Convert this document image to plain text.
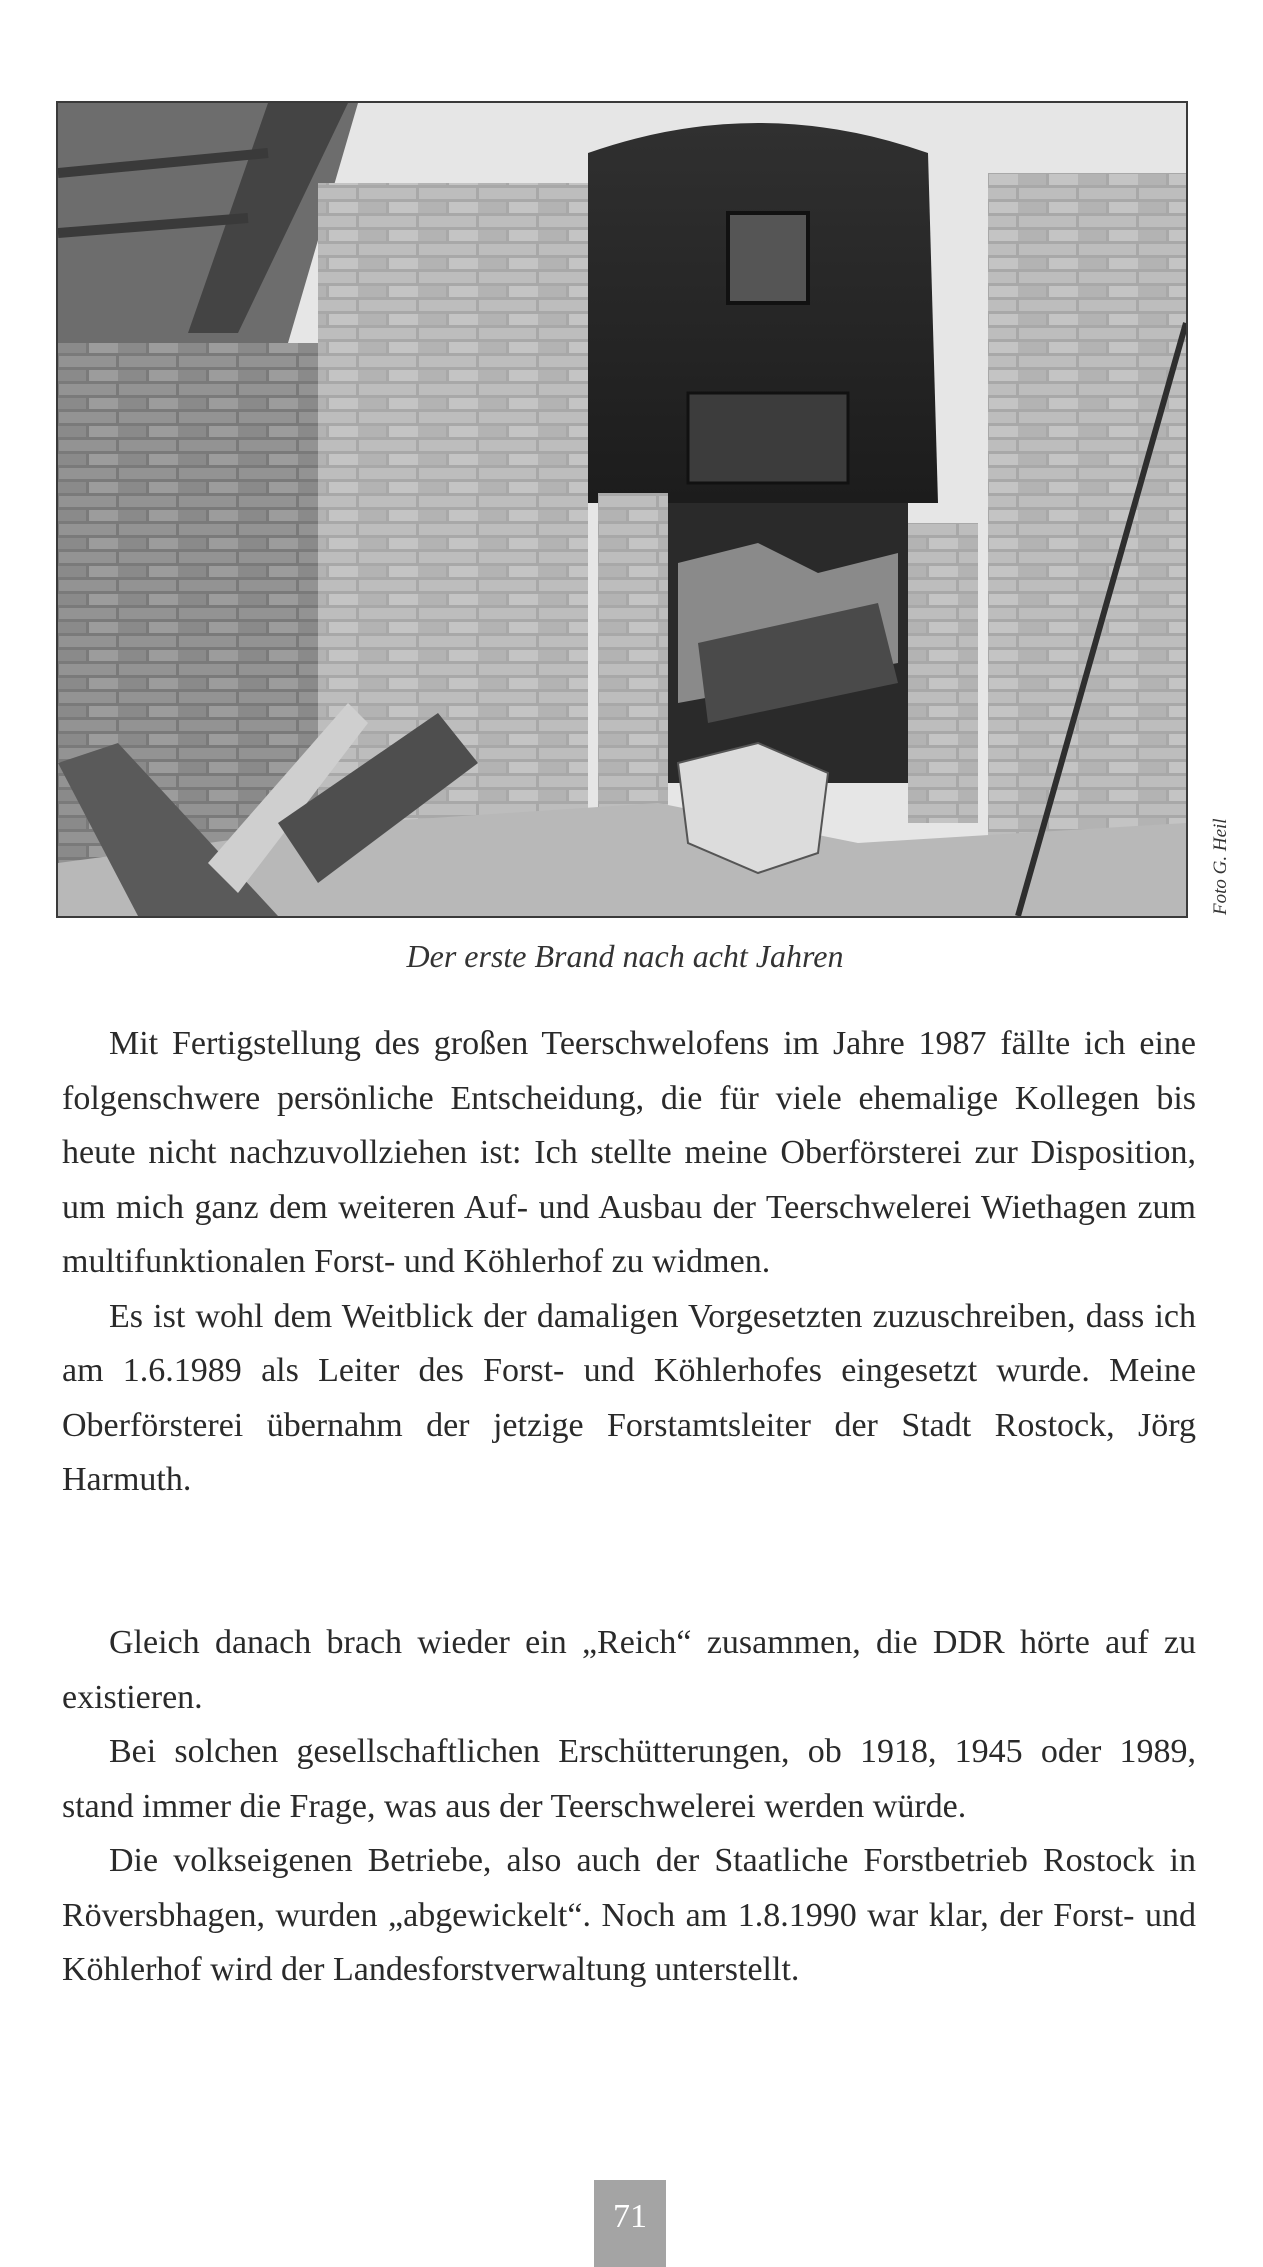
Foto G. Heil
Der erste Brand nach acht Jahren

Mit Fertigstellung des großen Teerschwelofens im Jahre 1987 fällte ich eine folgenschwere persönliche Entscheidung, die für viele ehemalige Kollegen bis heute nicht nachzuvollziehen ist: Ich stellte meine Oberförsterei zur Disposition, um mich ganz dem weiteren Auf- und Ausbau der Teerschwelerei Wiethagen zum multifunktionalen Forst- und Köhlerhof zu widmen.

Es ist wohl dem Weitblick der damaligen Vorgesetzten zuzuschreiben, dass ich am 1.6.1989 als Leiter des Forst- und Köhlerhofes eingesetzt wurde. Meine Oberförsterei übernahm der jetzige Forstamtsleiter der Stadt Rostock, Jörg Harmuth.

Gleich danach brach wieder ein „Reich“ zusammen, die DDR hörte auf zu existieren.

Bei solchen gesellschaftlichen Erschütterungen, ob 1918, 1945 oder 1989, stand immer die Frage, was aus der Teerschwelerei werden würde.

Die volkseigenen Betriebe, also auch der Staatliche Forstbetrieb Rostock in Röversbhagen, wurden „abgewickelt“. Noch am 1.8.1990 war klar, der Forst- und Köhlerhof wird der Landesforstverwaltung unterstellt.

71
